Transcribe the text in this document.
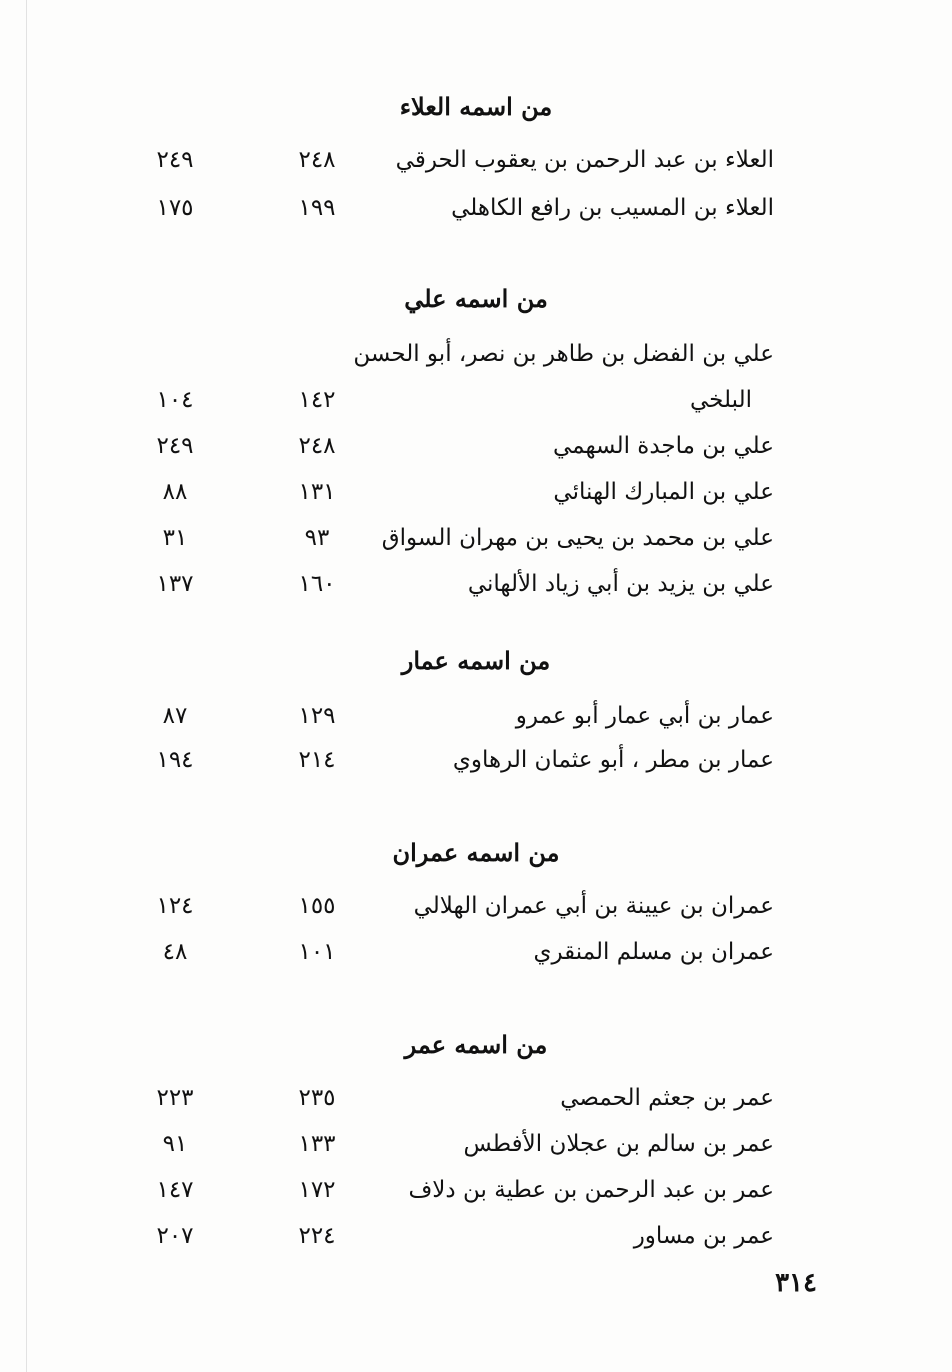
من اسمه العلاء
العلاء بن عبد الرحمن بن يعقوب الحرقي
٢٤٨
٢٤٩
العلاء بن المسيب بن رافع الكاهلي
١٩٩
١٧٥
من اسمه علي
علي بن الفضل بن طاهر بن نصر، أبو الحسن
البلخي
١٤٢
١٠٤
علي بن ماجدة السهمي
٢٤٨
٢٤٩
علي بن المبارك الهنائي
١٣١
٨٨
علي بن محمد بن يحيى بن مهران السواق
٩٣
٣١
علي بن يزيد بن أبي زياد الألهاني
١٦٠
١٣٧
من اسمه عمار
عمار بن أبي عمار أبو عمرو
١٢٩
٨٧
عمار بن مطر ، أبو عثمان الرهاوي
٢١٤
١٩٤
من اسمه عمران
عمران بن عيينة بن أبي عمران الهلالي
١٥٥
١٢٤
عمران بن مسلم المنقري
١٠١
٤٨
من اسمه عمر
عمر بن جعثم الحمصي
٢٣٥
٢٢٣
عمر بن سالم بن عجلان الأفطس
١٣٣
٩١
عمر بن عبد الرحمن بن عطية بن دلاف
١٧٢
١٤٧
عمر بن مساور
٢٢٤
٢٠٧
٣١٤
